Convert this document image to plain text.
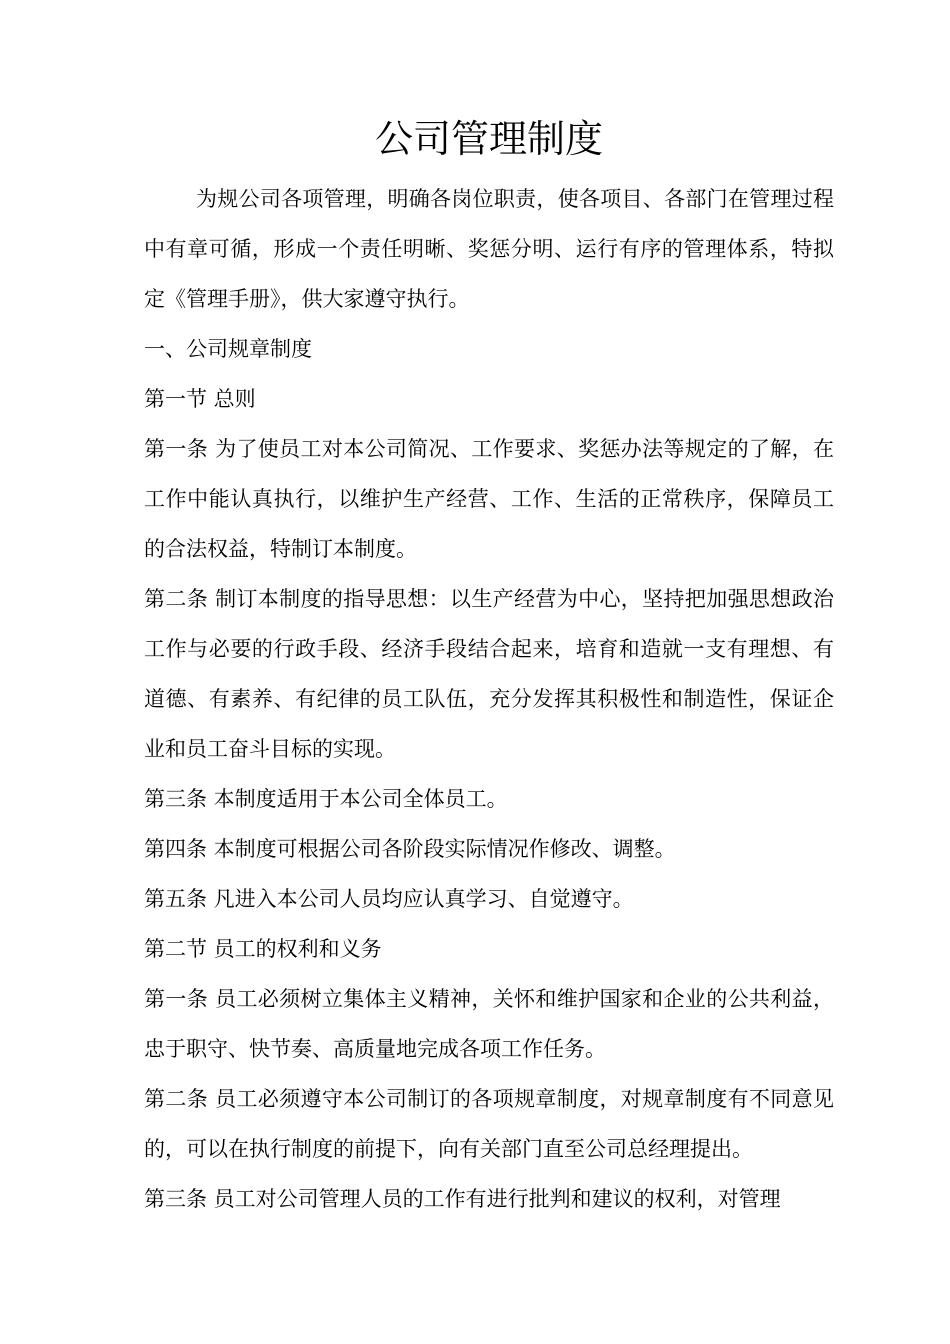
公司管理制度

为规公司各项管理，明确各岗位职责，使各项目、各部门在管理过程中有章可循，形成一个责任明晰、奖惩分明、运行有序的管理体系，特拟定《管理手册》，供大家遵守执行。

一、公司规章制度

第一节 总则

第一条 为了使员工对本公司简况、工作要求、奖惩办法等规定的了解，在工作中能认真执行，以维护生产经营、工作、生活的正常秩序，保障员工的合法权益，特制订本制度。

第二条 制订本制度的指导思想：以生产经营为中心，坚持把加强思想政治工作与必要的行政手段、经济手段结合起来，培育和造就一支有理想、有道德、有素养、有纪律的员工队伍，充分发挥其积极性和制造性，保证企业和员工奋斗目标的实现。

第三条 本制度适用于本公司全体员工。

第四条 本制度可根据公司各阶段实际情况作修改、调整。

第五条 凡进入本公司人员均应认真学习、自觉遵守。

第二节 员工的权利和义务

第一条 员工必须树立集体主义精神，关怀和维护国家和企业的公共利益，忠于职守、快节奏、高质量地完成各项工作任务。

第二条 员工必须遵守本公司制订的各项规章制度，对规章制度有不同意见的，可以在执行制度的前提下，向有关部门直至公司总经理提出。

第三条 员工对公司管理人员的工作有进行批判和建议的权利，对管理
